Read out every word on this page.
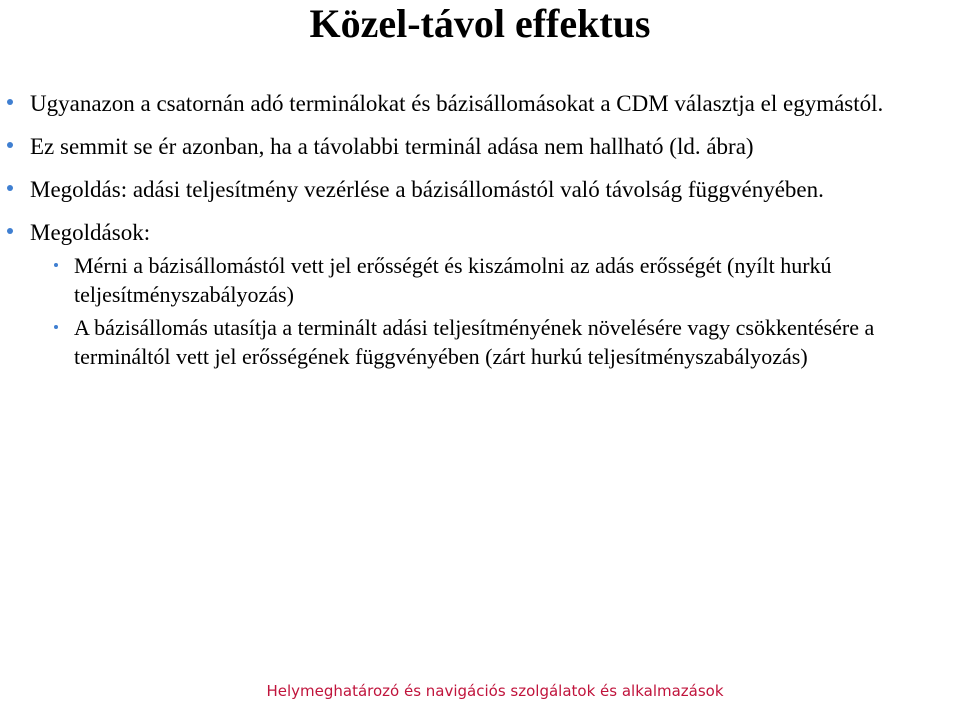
Közel-távol effektus
Ugyanazon a csatornán adó terminálokat és bázisállomásokat a CDM választja el egymástól.
Ez semmit se ér azonban, ha a távolabbi terminál adása nem hallható (ld. ábra)
Megoldás: adási teljesítmény vezérlése a bázisállomástól való távolság függvényében.
Megoldások:
Mérni a bázisállomástól vett jel erősségét és kiszámolni az adás erősségét (nyílt hurkú teljesítményszabályozás)
A bázisállomás utasítja a terminált adási teljesítményének növelésére vagy csökkentésére a termináltól vett jel erősségének függvényében (zárt hurkú teljesítményszabályozás)
Helymeghatározó és navigációs szolgálatok és alkalmazások
